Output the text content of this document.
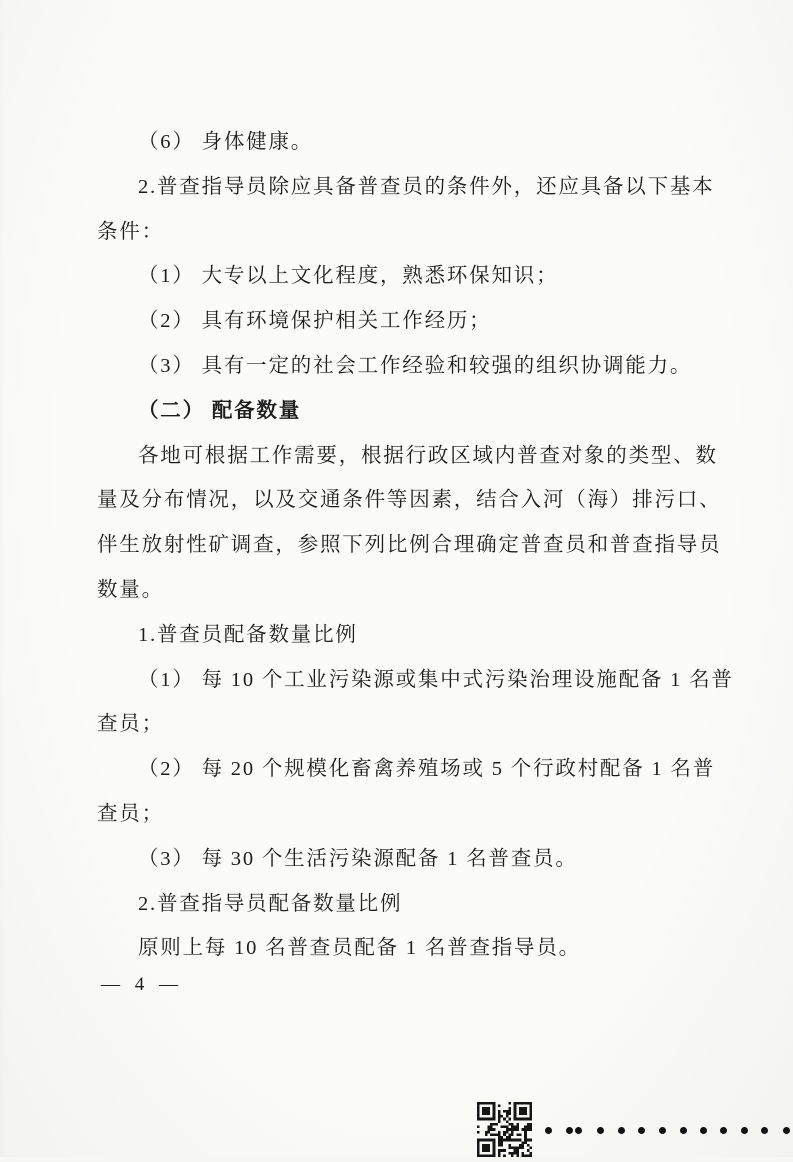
（6） 身体健康。
2.普查指导员除应具备普查员的条件外，还应具备以下基本
条件：
（1） 大专以上文化程度，熟悉环保知识；
（2） 具有环境保护相关工作经历；
（3） 具有一定的社会工作经验和较强的组织协调能力。
（二） 配备数量
各地可根据工作需要，根据行政区域内普查对象的类型、数
量及分布情况，以及交通条件等因素，结合入河（海）排污口、
伴生放射性矿调查，参照下列比例合理确定普查员和普查指导员
数量。
1.普查员配备数量比例
（1） 每 10 个工业污染源或集中式污染治理设施配备 1 名普
查员；
（2） 每 20 个规模化畜禽养殖场或 5 个行政村配备 1 名普
查员；
（3） 每 30 个生活污染源配备 1 名普查员。
2.普查指导员配备数量比例
原则上每 10 名普查员配备 1 名普查指导员。
— 4 —
